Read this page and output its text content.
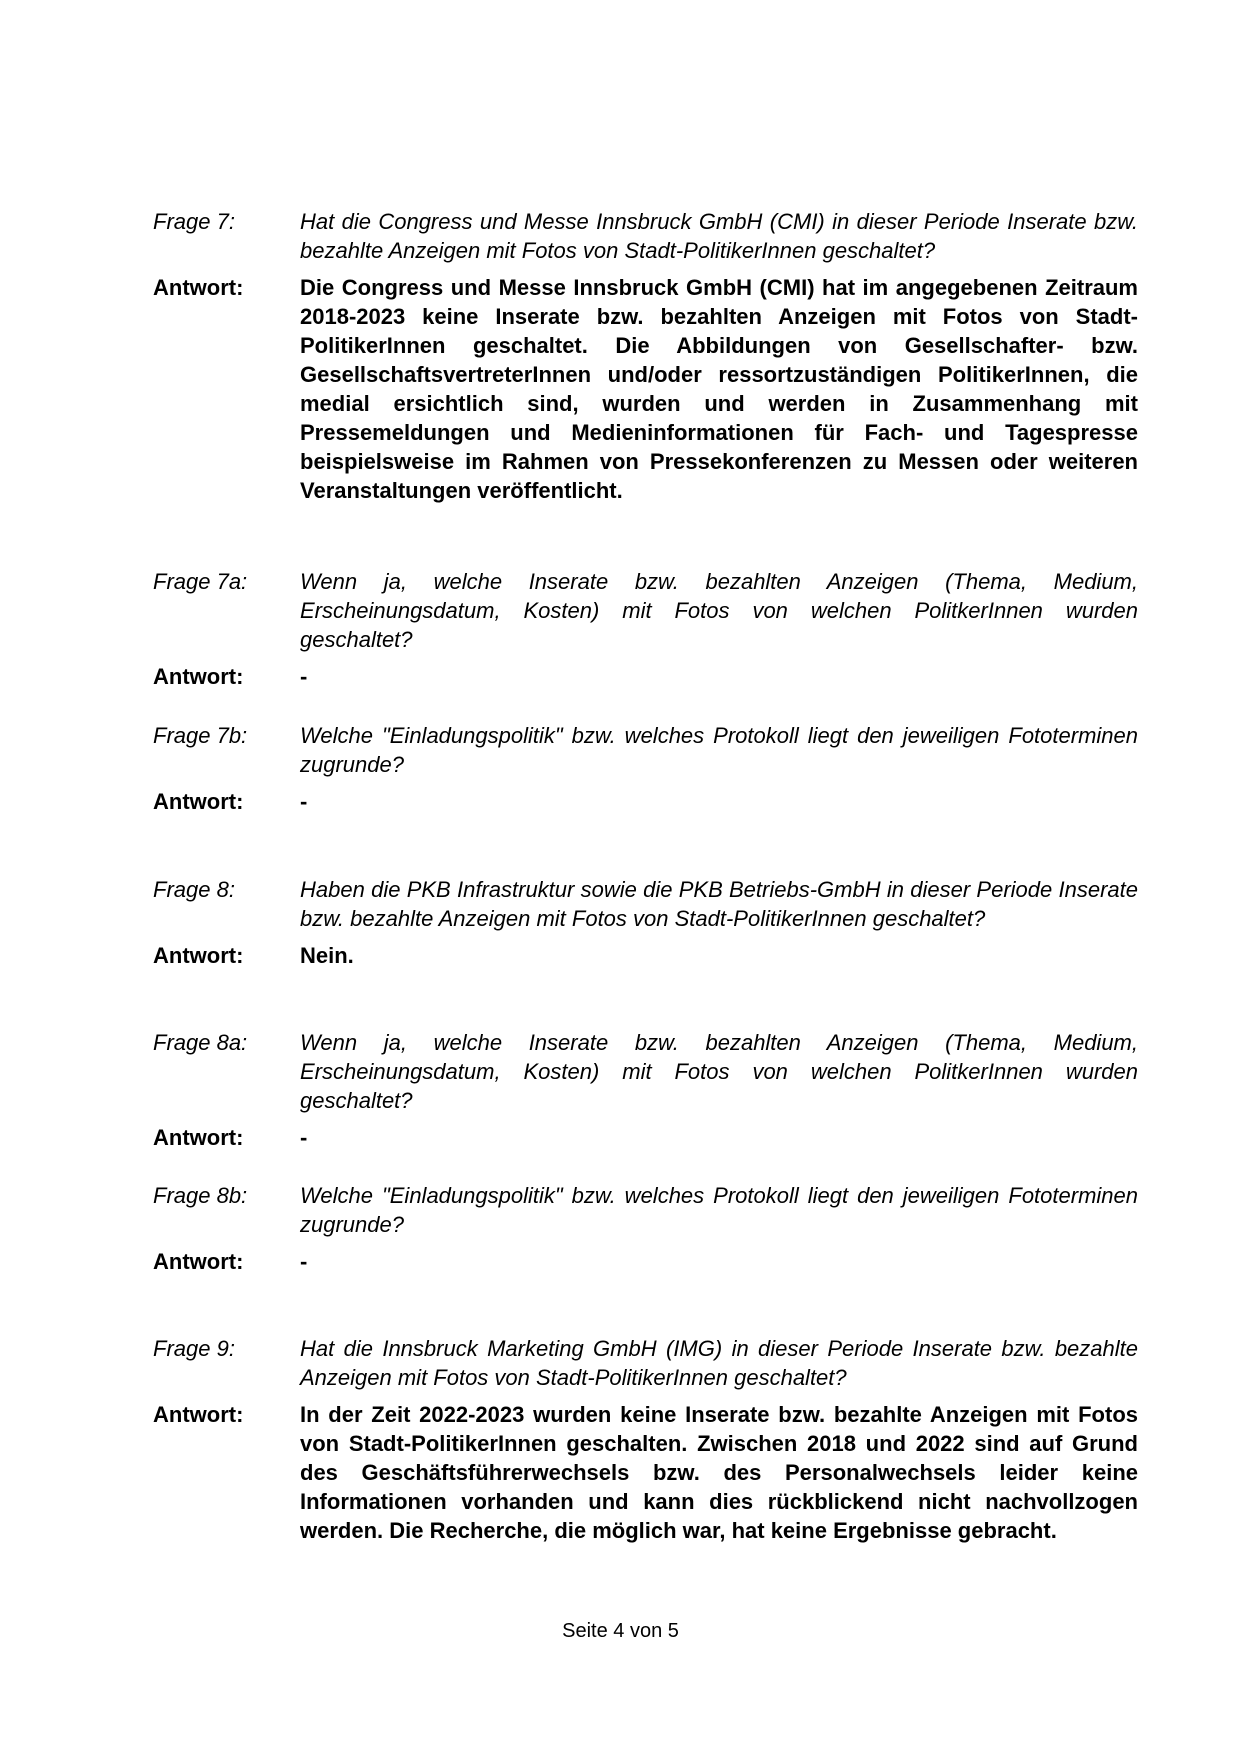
Frage 7:	Hat die Congress und Messe Innsbruck GmbH (CMI) in dieser Periode Inserate bzw. bezahlte Anzeigen mit Fotos von Stadt-PolitikerInnen geschaltet?
Antwort:	Die Congress und Messe Innsbruck GmbH (CMI) hat im angegebenen Zeitraum 2018-2023 keine Inserate bzw. bezahlten Anzeigen mit Fotos von Stadt-PolitikerInnen geschaltet. Die Abbildungen von Gesellschafter- bzw. GesellschaftsvertreterInnen und/oder ressortzuständigen PolitikerInnen, die medial ersichtlich sind, wurden und werden in Zusammenhang mit Pressemeldungen und Medieninformationen für Fach- und Tagespresse beispielsweise im Rahmen von Pressekonferenzen zu Messen oder weiteren Veranstaltungen veröffentlicht.
Frage 7a:	Wenn ja, welche Inserate bzw. bezahlten Anzeigen (Thema, Medium, Erscheinungsdatum, Kosten) mit Fotos von welchen PolitkerInnen wurden geschaltet?
Antwort:	-
Frage 7b:	Welche "Einladungspolitik" bzw. welches Protokoll liegt den jeweiligen Fototerminen zugrunde?
Antwort:	-
Frage 8:	Haben die PKB Infrastruktur sowie die PKB Betriebs-GmbH in dieser Periode Inserate bzw. bezahlte Anzeigen mit Fotos von Stadt-PolitikerInnen geschaltet?
Antwort:	Nein.
Frage 8a:	Wenn ja, welche Inserate bzw. bezahlten Anzeigen (Thema, Medium, Erscheinungsdatum, Kosten) mit Fotos von welchen PolitkerInnen wurden geschaltet?
Antwort:	-
Frage 8b:	Welche "Einladungspolitik" bzw. welches Protokoll liegt den jeweiligen Fototerminen zugrunde?
Antwort:	-
Frage 9:	Hat die Innsbruck Marketing GmbH (IMG) in dieser Periode Inserate bzw. bezahlte Anzeigen mit Fotos von Stadt-PolitikerInnen geschaltet?
Antwort:	In der Zeit 2022-2023 wurden keine Inserate bzw. bezahlte Anzeigen mit Fotos von Stadt-PolitikerInnen geschalten. Zwischen 2018 und 2022 sind auf Grund des Geschäftsführerwechsels bzw. des Personalwechsels leider keine Informationen vorhanden und kann dies rückblickend nicht nachvollzogen werden. Die Recherche, die möglich war, hat keine Ergebnisse gebracht.
Seite 4 von 5
